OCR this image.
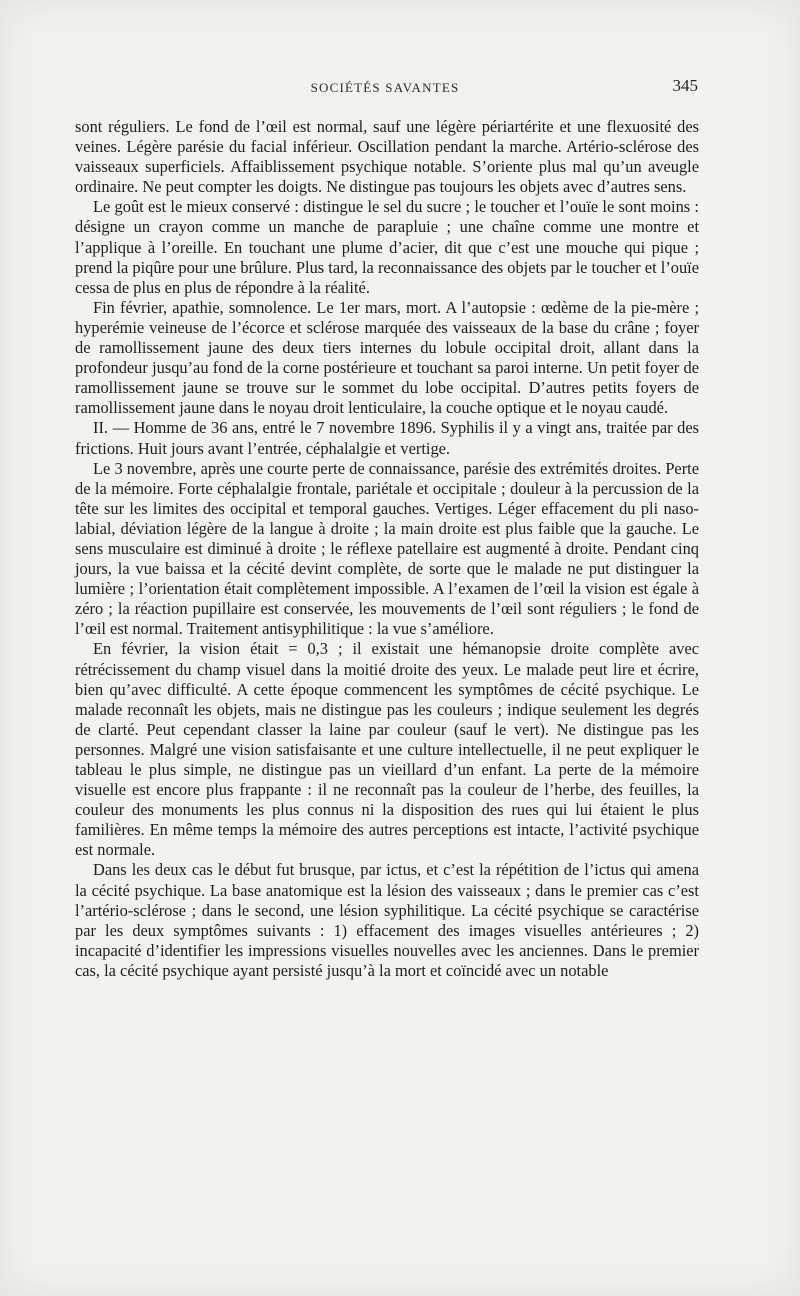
SOCIÉTÉS SAVANTES	345

sont réguliers. Le fond de l’œil est normal, sauf une légère périartérite et une flexuosité des veines. Légère parésie du facial inférieur. Oscillation pendant la marche. Artério-sclérose des vaisseaux superficiels. Affaiblissement psychique notable. S’oriente plus mal qu’un aveugle ordinaire. Ne peut compter les doigts. Ne distingue pas toujours les objets avec d’autres sens.

Le goût est le mieux conservé : distingue le sel du sucre ; le toucher et l’ouïe le sont moins : désigne un crayon comme un manche de parapluie ; une chaîne comme une montre et l’applique à l’oreille. En touchant une plume d’acier, dit que c’est une mouche qui pique ; prend la piqûre pour une brûlure. Plus tard, la reconnaissance des objets par le toucher et l’ouïe cessa de plus en plus de répondre à la réalité.

Fin février, apathie, somnolence. Le 1er mars, mort. A l’autopsie : œdème de la pie-mère ; hyperémie veineuse de l’écorce et sclérose marquée des vaisseaux de la base du crâne ; foyer de ramollissement jaune des deux tiers internes du lobule occipital droit, allant dans la profondeur jusqu’au fond de la corne postérieure et touchant sa paroi interne. Un petit foyer de ramollissement jaune se trouve sur le sommet du lobe occipital. D’autres petits foyers de ramollissement jaune dans le noyau droit lenticulaire, la couche optique et le noyau caudé.

II. — Homme de 36 ans, entré le 7 novembre 1896. Syphilis il y a vingt ans, traitée par des frictions. Huit jours avant l’entrée, céphalalgie et vertige.

Le 3 novembre, après une courte perte de connaissance, parésie des extrémités droites. Perte de la mémoire. Forte céphalalgie frontale, pariétale et occipitale ; douleur à la percussion de la tête sur les limites des occipital et temporal gauches. Vertiges. Léger effacement du pli naso-labial, déviation légère de la langue à droite ; la main droite est plus faible que la gauche. Le sens musculaire est diminué à droite ; le réflexe patellaire est augmenté à droite. Pendant cinq jours, la vue baissa et la cécité devint complète, de sorte que le malade ne put distinguer la lumière ; l’orientation était complètement impossible. A l’examen de l’œil la vision est égale à zéro ; la réaction pupillaire est conservée, les mouvements de l’œil sont réguliers ; le fond de l’œil est normal. Traitement antisyphilitique : la vue s’améliore.

En février, la vision était = 0,3 ; il existait une hémanopsie droite complète avec rétrécissement du champ visuel dans la moitié droite des yeux. Le malade peut lire et écrire, bien qu’avec difficulté. A cette époque commencent les symptômes de cécité psychique. Le malade reconnaît les objets, mais ne distingue pas les couleurs ; indique seulement les degrés de clarté. Peut cependant classer la laine par couleur (sauf le vert). Ne distingue pas les personnes. Malgré une vision satisfaisante et une culture intellectuelle, il ne peut expliquer le tableau le plus simple, ne distingue pas un vieillard d’un enfant. La perte de la mémoire visuelle est encore plus frappante : il ne reconnaît pas la couleur de l’herbe, des feuilles, la couleur des monuments les plus connus ni la disposition des rues qui lui étaient le plus familières. En même temps la mémoire des autres perceptions est intacte, l’activité psychique est normale.

Dans les deux cas le début fut brusque, par ictus, et c’est la répétition de l’ictus qui amena la cécité psychique. La base anatomique est la lésion des vaisseaux ; dans le premier cas c’est l’artério-sclérose ; dans le second, une lésion syphilitique. La cécité psychique se caractérise par les deux symptômes suivants : 1) effacement des images visuelles antérieures ; 2) incapacité d’identifier les impressions visuelles nouvelles avec les anciennes. Dans le premier cas, la cécité psychique ayant persisté jusqu’à la mort et coïncidé avec un notable
